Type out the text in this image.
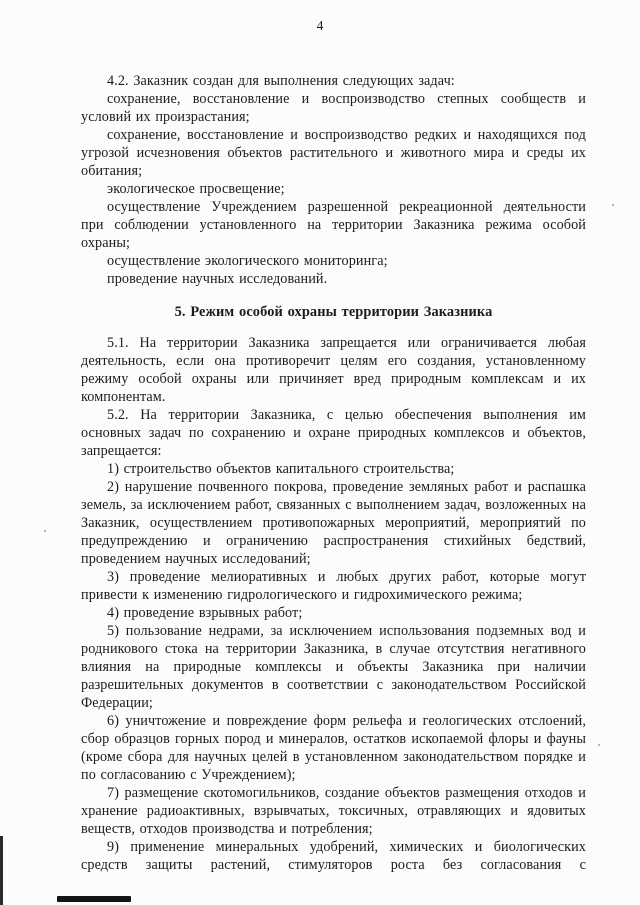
4

4.2. Заказник создан для выполнения следующих задач:

сохранение, восстановление и воспроизводство степных сообществ и условий их произрастания;

сохранение, восстановление и воспроизводство редких и находящихся под угрозой исчезновения объектов растительного и животного мира и среды их обитания;

экологическое просвещение;

осуществление Учреждением разрешенной рекреационной деятельности при соблюдении установленного на территории Заказника режима особой охраны;

осуществление экологического мониторинга;

проведение научных исследований.

5. Режим особой охраны территории Заказника

5.1. На территории Заказника запрещается или ограничивается любая деятельность, если она противоречит целям его создания, установленному режиму особой охраны или причиняет вред природным комплексам и их компонентам.

5.2. На территории Заказника, с целью обеспечения выполнения им основных задач по сохранению и охране природных комплексов и объектов, запрещается:

1) строительство объектов капитального строительства;

2) нарушение почвенного покрова, проведение земляных работ и распашка земель, за исключением работ, связанных с выполнением задач, возложенных на Заказник, осуществлением противопожарных мероприятий, мероприятий по предупреждению и ограничению распространения стихийных бедствий, проведением научных исследований;

3) проведение мелиоративных и любых других работ, которые могут привести к изменению гидрологического и гидрохимического режима;

4) проведение взрывных работ;

5) пользование недрами, за исключением использования подземных вод и родникового стока на территории Заказника, в случае отсутствия негативного влияния на природные комплексы и объекты Заказника при наличии разрешительных документов в соответствии с законодательством Российской Федерации;

6) уничтожение и повреждение форм рельефа и геологических отслоений, сбор образцов горных пород и минералов, остатков ископаемой флоры и фауны (кроме сбора для научных целей в установленном законодательством порядке и по согласованию с Учреждением);

7) размещение скотомогильников, создание объектов размещения отходов и хранение радиоактивных, взрывчатых, токсичных, отравляющих и ядовитых веществ, отходов производства и потребления;

9) применение минеральных удобрений, химических и биологических средств защиты растений, стимуляторов роста без согласования с
